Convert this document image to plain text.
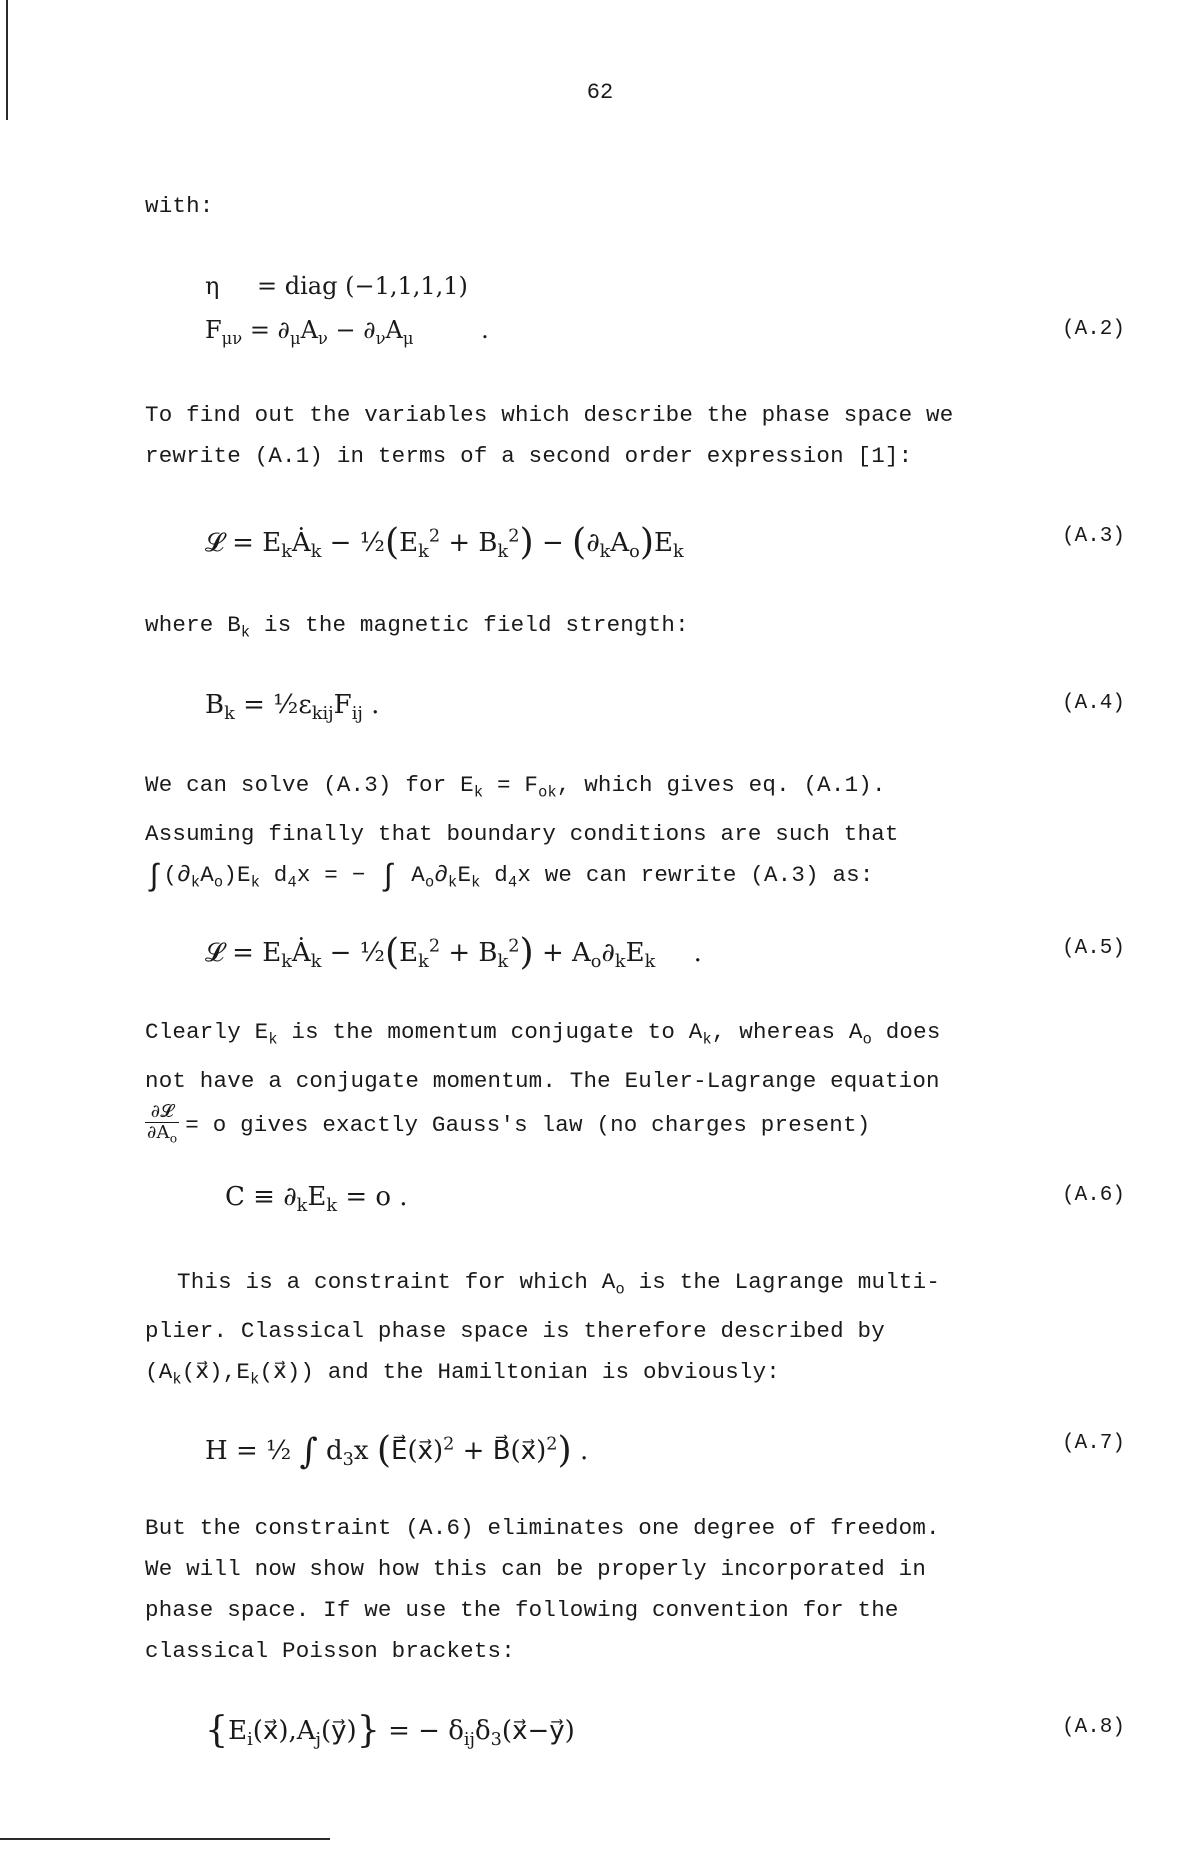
62
with:
η = diag (−1,1,1,1)
$F_{\mu\nu} = \partial_\mu A_\nu - \partial_\nu A_\mu$	.	(A.2)
To find out the variables which describe the phase space we
rewrite (A.1) in terms of a second order expression [1]:
𝓛 = $E_kȦ_k$ − $\frac{1}{2}(E_k^2 + B_k^2) - (\partial_kA_o)E_k$
(A.3)
where $B_k$ is the magnetic field strength:
$B_k$ = $\frac{1}{2}\varepsilon_{kij}F_{ij}$ .	(A.4)
We can solve (A.3) for $E_k = F_{ok}$, which gives eq. (A.1).
Assuming finally that boundary conditions are such that
$\int(\partial_kA_o)E_k$ $d_4x$ = − ∫ $A_o\partial_kE_k$ $d_4x$ we can rewrite (A.3) as:
𝓛 = $E_kȦ_k$ − $\frac{1}{2}(E_k^2 + B_k^2) + A_o\partial_kE_k$ .	(A.5)
Clearly $E_k$ is the momentum conjugate to $A_k$, whereas $A_o$ does
not have a conjugate momentum. The Euler-Lagrange equation
$\frac{\text{∂𝓛}}{\partial A_o} = o$ gives exactly Gauss's law (no charges present)
$C \equiv \partial_kE_k = o$ .	(A.6)
This is a constraint for which $A_o$ is the Lagrange multi-
plier. Classical phase space is therefore described by
$(A_k(x⃗),E_k(x⃗))$ and the Hamiltonian is obviously:
H = ½ ∫ $d_3x$ (E⃗(x⃗)$^2$ + B⃗(x⃗)$^2$) .	(A.7)
But the constraint (A.6) eliminates one degree of freedom.
We will now show how this can be properly incorporated in
phase space. If we use the following convention for the
classical Poisson brackets:
$\{E_i(x⃗),A_j(y⃗)\}$ = − $\delta_{ij}\delta_3(x⃗-y⃗)$	(A.8)
